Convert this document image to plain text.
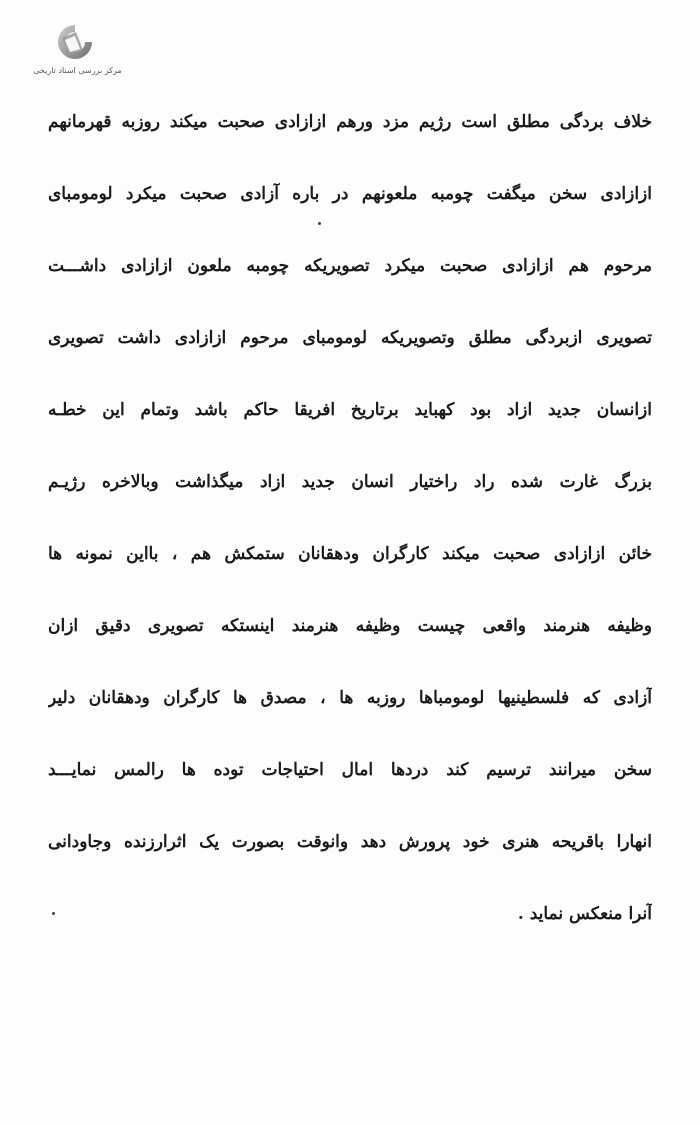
مرکز بررسی اسناد تاریخی
خلاف بردگی مطلق است رژیم مزد ورهم ازازادی صحبت میکند روزبه قهرمانهم
ازازادی سخن میگفت چومبه ملعونهم در باره آزادی صحبت میکرد لومومبای
مرحوم هم ازازادی صحبت میکرد تصویریکه چومبه ملعون ازازادی داشـــت
تصویری ازبردگی مطلق وتصویریکه لومومبای مرحوم ازازادی داشت تصویری
ازانسان جدید ازاد بود کهباید برتاریخ افریقا حاکم باشد وتمام این خطـه
بزرگ غارت شده راد راختیار انسان جدید ازاد میگذاشت وبالاخره رژیـم
خائن ازازادی صحبت میکند کارگران ودهقانان ستمکش هم ، بااین نمونه ها
وظیفه هنرمند واقعی چیست وظیفه هنرمند اینستکه تصویری دقیق ازان
آزادی که فلسطینیها لومومباها روزبه ها ، مصدق ها کارگران ودهقانان دلیر
سخن میرانند ترسیم کند دردها امال احتیاجات توده ها رالمس نمایـــد
انهارا باقریحه هنری خود پرورش دهد وانوقت بصورت یک اثرارزنده وجاودانی
آنرا منعکس نماید .
